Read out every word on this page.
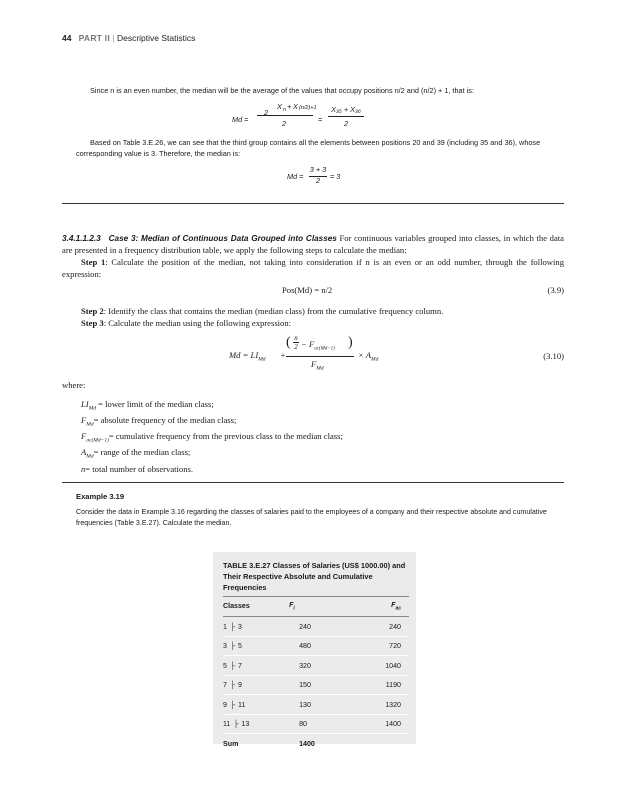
44 PART II | Descriptive Statistics
Since n is an even number, the median will be the average of the values that occupy positions n/2 and (n/2) + 1, that is:
Md =
X n + X (n/2)+1
2
2	=
X₃₅ + X₃₆
2
Based on Table 3.E.26, we can see that the third group contains all the elements between positions 20 and 39 (including 35 and 36), whose corresponding value is 3. Therefore, the median is:
Md =
3 + 3
2	= 3
3.4.1.1.2.3 Case 3: Median of Continuous Data Grouped into Classes For continuous variables grouped into classes, in which the data are presented in a frequency distribution table, we apply the following steps to calculate the median:
Step 1: Calculate the position of the median, not taking into consideration if n is an even or an odd number, through the following expression:
Pos(Md) = n/2	(3.9)
Step 2: Identify the class that contains the median (median class) from the cumulative frequency column.
Step 3: Calculate the median using the following expression:
$Md = LI_{Md}$ +
( n
$2 - F_{ac(Md-1)}$ )
$F_{Md}$
× $A_{Md}$	(3.10)
where:
$LI_{Md}$ = lower limit of the median class;
$F_{Md}=$ absolute frequency of the median class;
$F_{ac(Md-1)}=$ cumulative frequency from the previous class to the median class;
$A_{Md}=$ range of the median class;
n= total number of observations.
Example 3.19
Consider the data in Example 3.16 regarding the classes of salaries paid to the employees of a company and their respective absolute and cumulative frequencies (Table 3.E.27). Calculate the median.
TABLE 3.E.27 Classes of Salaries (US$ 1000.00) and Their Respective Absolute and Cumulative Frequencies
Classes	$F_i$	$F_{ac}$
1 ├ 3	240	240
3 ├ 5	480	720
5 ├ 7	320	1040
7 ├ 9	150	1190
9 ├ 11	130	1320
11 ├ 13	80	1400
Sum	1400	
